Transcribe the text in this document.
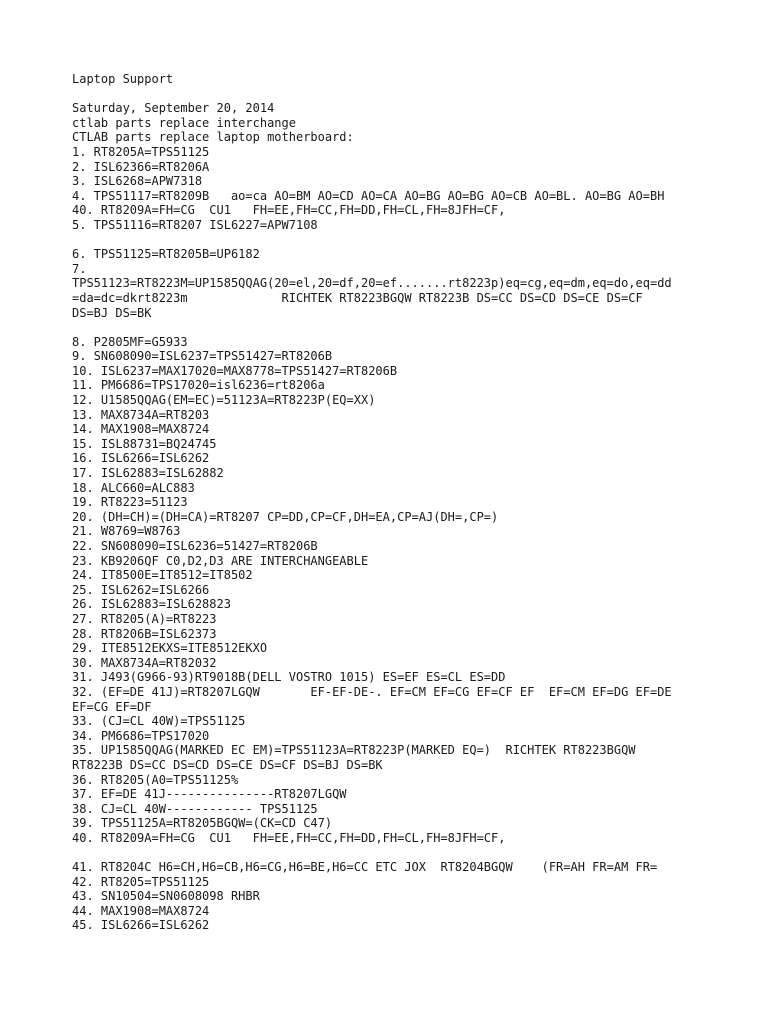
Laptop Support
Saturday, September 20, 2014
ctlab parts replace interchange
CTLAB parts replace laptop motherboard:
1. RT8205A=TPS51125
2. ISL62366=RT8206A
3. ISL6268=APW7318
4. TPS51117=RT8209B   ao=ca AO=BM AO=CD AO=CA AO=BG AO=BG AO=CB AO=BL. AO=BG AO=BH
40. RT8209A=FH=CG  CU1   FH=EE,FH=CC,FH=DD,FH=CL,FH=8JFH=CF,
5. TPS51116=RT8207 ISL6227=APW7108
6. TPS51125=RT8205B=UP6182
7.
TPS51123=RT8223M=UP1585QQAG(20=el,20=df,20=ef.......rt8223p)eq=cg,eq=dm,eq=do,eq=dd
=da=dc=dkrt8223m             RICHTEK RT8223BGQW RT8223B DS=CC DS=CD DS=CE DS=CF
DS=BJ DS=BK
8. P2805MF=G5933
9. SN608090=ISL6237=TPS51427=RT8206B
10. ISL6237=MAX17020=MAX8778=TPS51427=RT8206B
11. PM6686=TPS17020=isl6236=rt8206a
12. U1585QQAG(EM=EC)=51123A=RT8223P(EQ=XX)
13. MAX8734A=RT8203
14. MAX1908=MAX8724
15. ISL88731=BQ24745
16. ISL6266=ISL6262
17. ISL62883=ISL62882
18. ALC660=ALC883
19. RT8223=51123
20. (DH=CH)=(DH=CA)=RT8207 CP=DD,CP=CF,DH=EA,CP=AJ(DH=,CP=)
21. W8769=W8763
22. SN608090=ISL6236=51427=RT8206B
23. KB9206QF C0,D2,D3 ARE INTERCHANGEABLE
24. IT8500E=IT8512=IT8502
25. ISL6262=ISL6266
26. ISL62883=ISL628823
27. RT8205(A)=RT8223
28. RT8206B=ISL62373
29. ITE8512EKXS=ITE8512EKXO
30. MAX8734A=RT82032
31. J493(G966-93)RT9018B(DELL VOSTRO 1015) ES=EF ES=CL ES=DD
32. (EF=DE 41J)=RT8207LGQW       EF-EF-DE-. EF=CM EF=CG EF=CF EF  EF=CM EF=DG EF=DE
EF=CG EF=DF
33. (CJ=CL 40W)=TPS51125
34. PM6686=TPS17020
35. UP1585QQAG(MARKED EC EM)=TPS51123A=RT8223P(MARKED EQ=)  RICHTEK RT8223BGQW
RT8223B DS=CC DS=CD DS=CE DS=CF DS=BJ DS=BK
36. RT8205(A0=TPS51125%
37. EF=DE 41J---------------RT8207LGQW
38. CJ=CL 40W------------ TPS51125
39. TPS51125A=RT8205BGQW=(CK=CD C47)
40. RT8209A=FH=CG  CU1   FH=EE,FH=CC,FH=DD,FH=CL,FH=8JFH=CF,
41. RT8204C H6=CH,H6=CB,H6=CG,H6=BE,H6=CC ETC JOX  RT8204BGQW    (FR=AH FR=AM FR=
42. RT8205=TPS51125
43. SN10504=SN0608098 RHBR
44. MAX1908=MAX8724
45. ISL6266=ISL6262
